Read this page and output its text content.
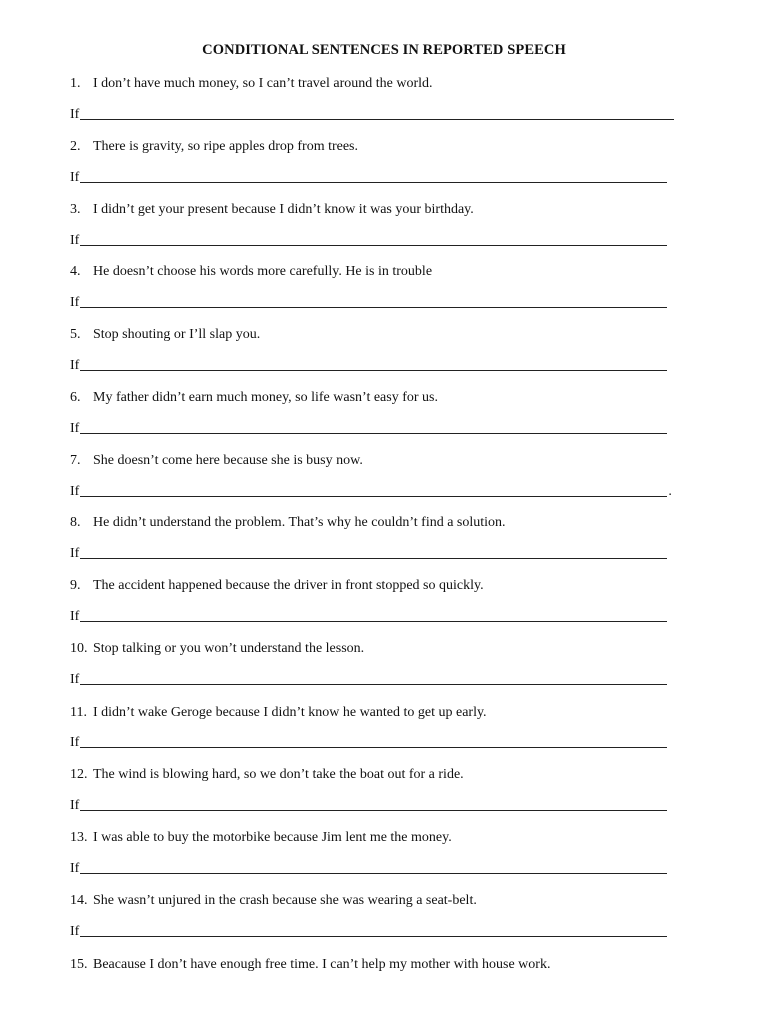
CONDITIONAL SENTENCES IN REPORTED SPEECH
1. I don’t have much money, so I can’t travel around the world.
If
2. There is gravity, so ripe apples drop from trees.
If
3. I didn’t get your present because I didn’t know it was your birthday.
If
4. He doesn’t choose his words more carefully. He is in trouble
If
5. Stop shouting or I’ll slap you.
If
6. My father didn’t earn much money, so life wasn’t easy for us.
If
7. She doesn’t come here because she is busy now.
If	.
8. He didn’t understand the problem. That’s why he couldn’t find a solution.
If
9. The accident happened because the driver in front stopped so quickly.
If
10. Stop talking or you won’t understand the lesson.
If
11. I didn’t wake Geroge because I didn’t know he wanted to get up early.
If
12. The wind is blowing hard, so we don’t take the boat out for a ride.
If
13. I was able to buy the motorbike because Jim lent me the money.
If
14. She wasn’t unjured in the crash because she was wearing a seat-belt.
If
15. Beacause I don’t have enough free time. I can’t help my mother with house work.
